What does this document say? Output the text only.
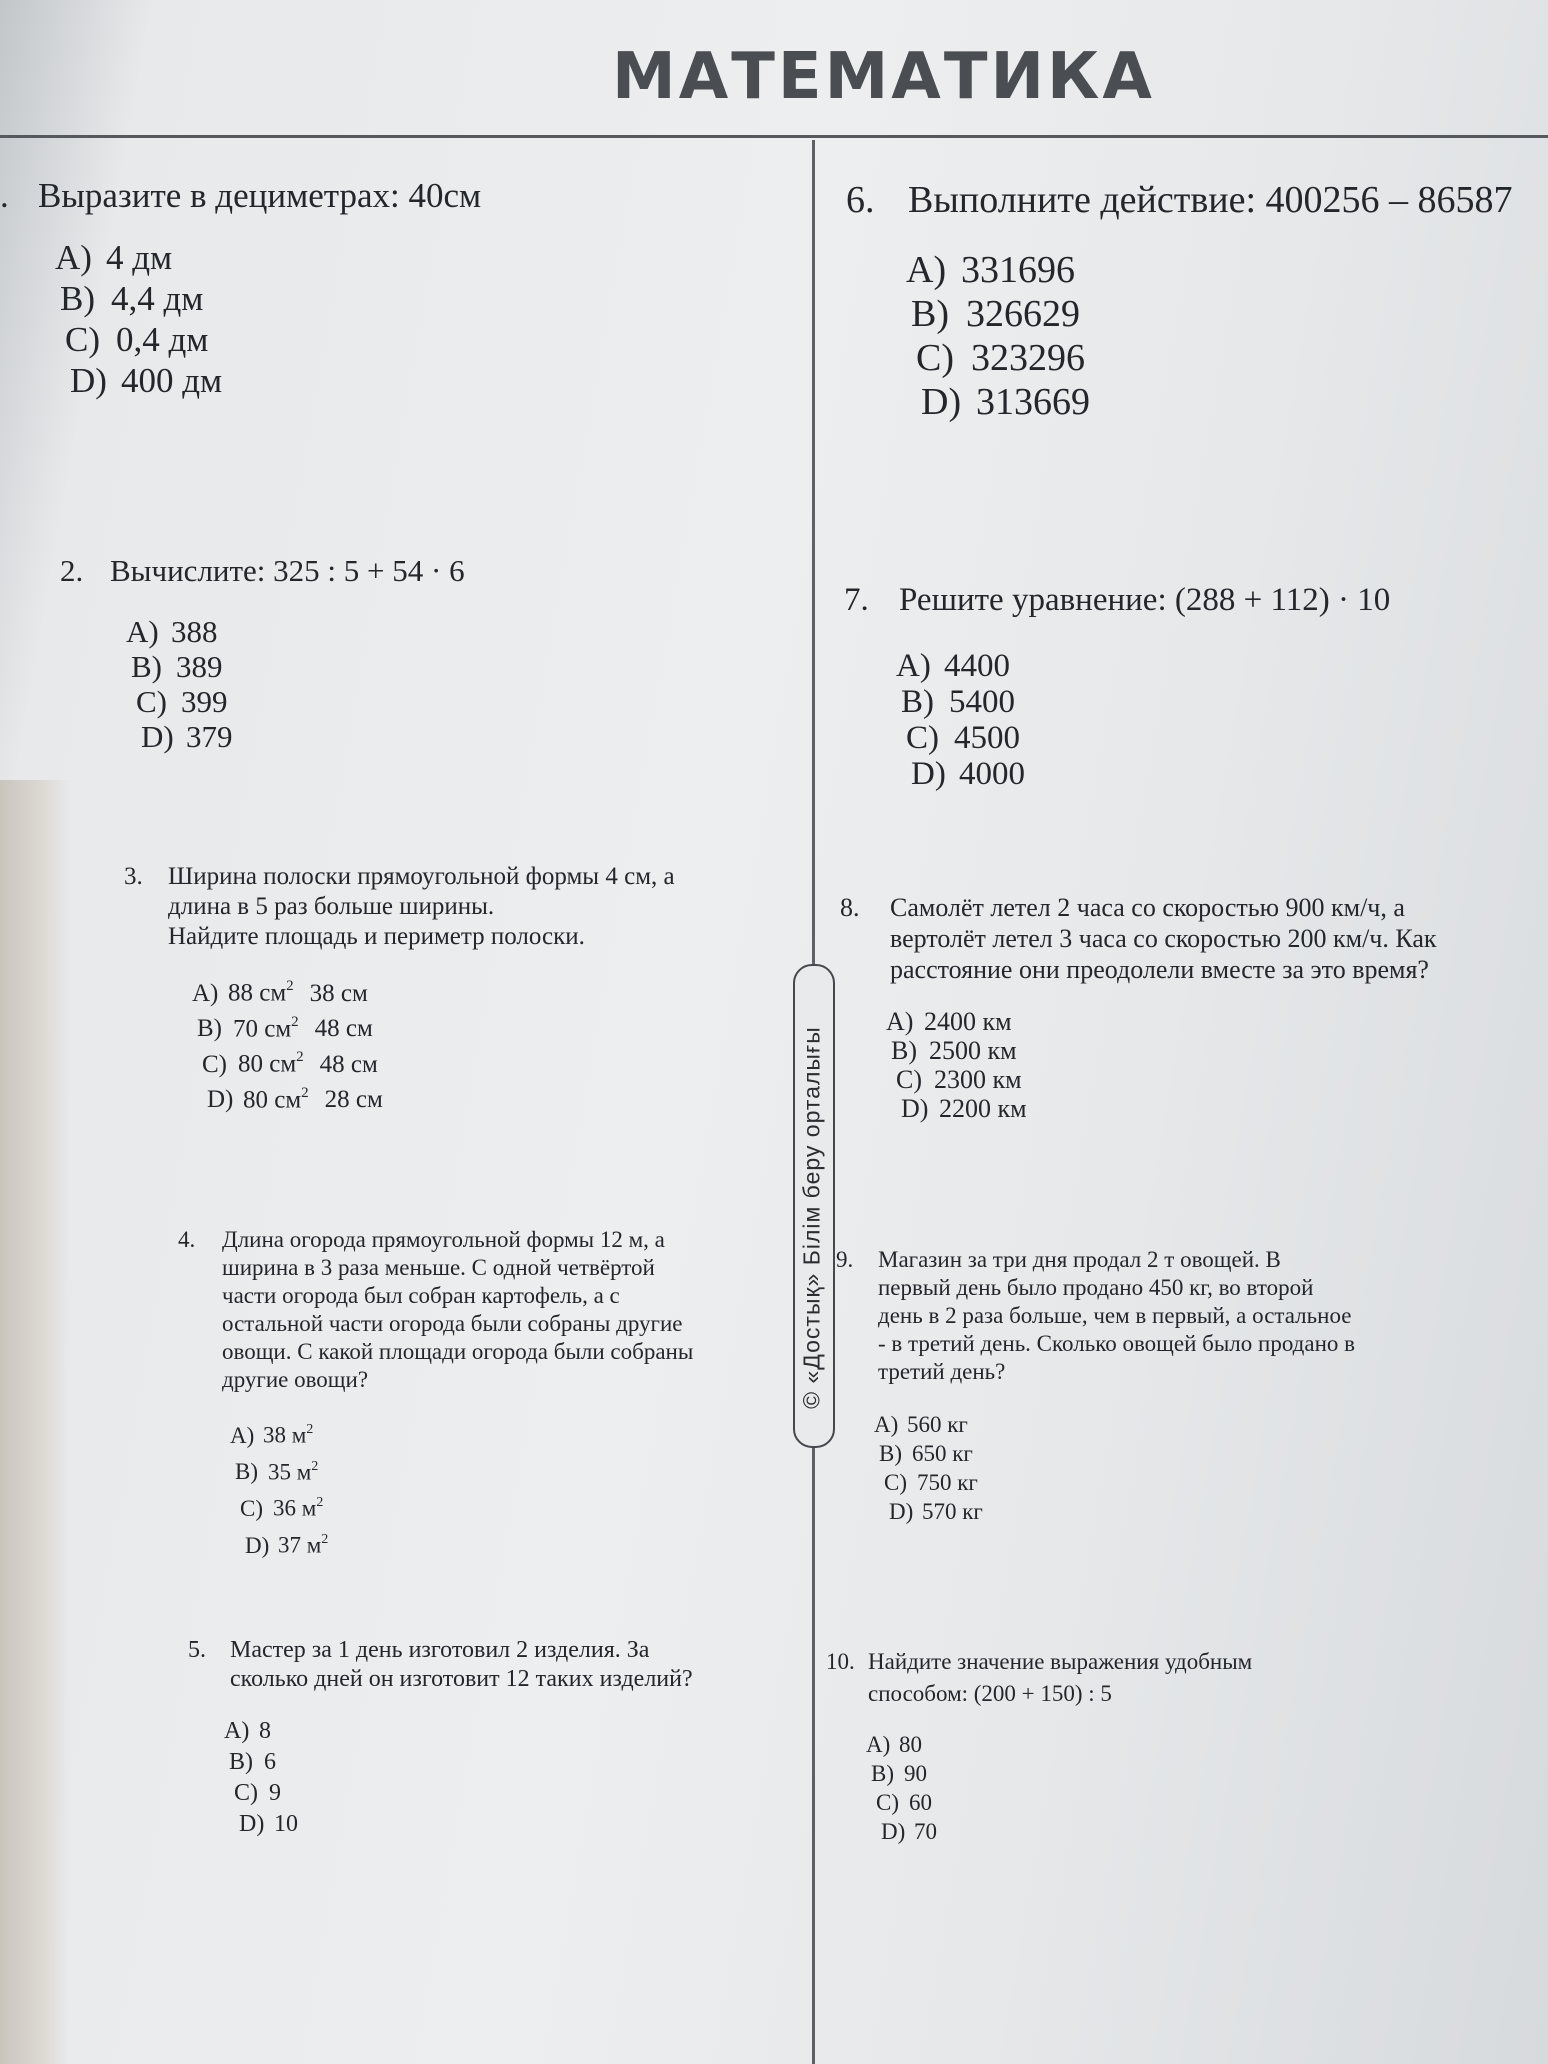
МАТЕМАТИКА
© «Достық» Білім беру орталығы
. Выразите в дециметрах: 40см
A) 4 дм
B) 4,4 дм
C) 0,4 дм
D) 400 дм
2. Вычислите: 325 : 5 + 54 · 6
A) 388
B) 389
C) 399
D) 379
3.	Ширина полоски прямоугольной формы 4 см, а
длина в 5 раз больше ширины.
Найдите площадь и периметр полоски.
A) 88 $см^2$ 38 см
B) 70 $см^2$ 48 см
C) 80 $см^2$ 48 см
D) 80 $см^2$ 28 см
4.	Длина огорода прямоугольной формы 12 м, а
ширина в 3 раза меньше. С одной четвёртой
части огорода был собран картофель, а с
остальной части огорода были собраны другие
овощи. С какой площади огорода были собраны
другие овощи?
A) 38 $м^2$
B) 35 $м^2$
C) 36 $м^2$
D) 37 $м^2$
5.	Мастер за 1 день изготовил 2 изделия. За
сколько дней он изготовит 12 таких изделий?
A) 8
B) 6
C) 9
D) 10
6. Выполните действие: 400256 – 86587
A) 331696
B) 326629
C) 323296
D) 313669
7. Решите уравнение: (288 + 112) · 10
A) 4400
B) 5400
C) 4500
D) 4000
8.	Самолёт летел 2 часа со скоростью 900 км/ч, а
вертолёт летел 3 часа со скоростью 200 км/ч. Как
расстояние они преодолели вместе за это время?
A) 2400 км
B) 2500 км
C) 2300 км
D) 2200 км
9.	Магазин за три дня продал 2 т овощей. В
первый день было продано 450 кг, во второй
день в 2 раза больше, чем в первый, а остальное
- в третий день. Сколько овощей было продано в
третий день?
A) 560 кг
B) 650 кг
C) 750 кг
D) 570 кг
10. Найдите значение выражения удобным
способом: (200 + 150) : 5
A) 80
B) 90
C) 60
D) 70
